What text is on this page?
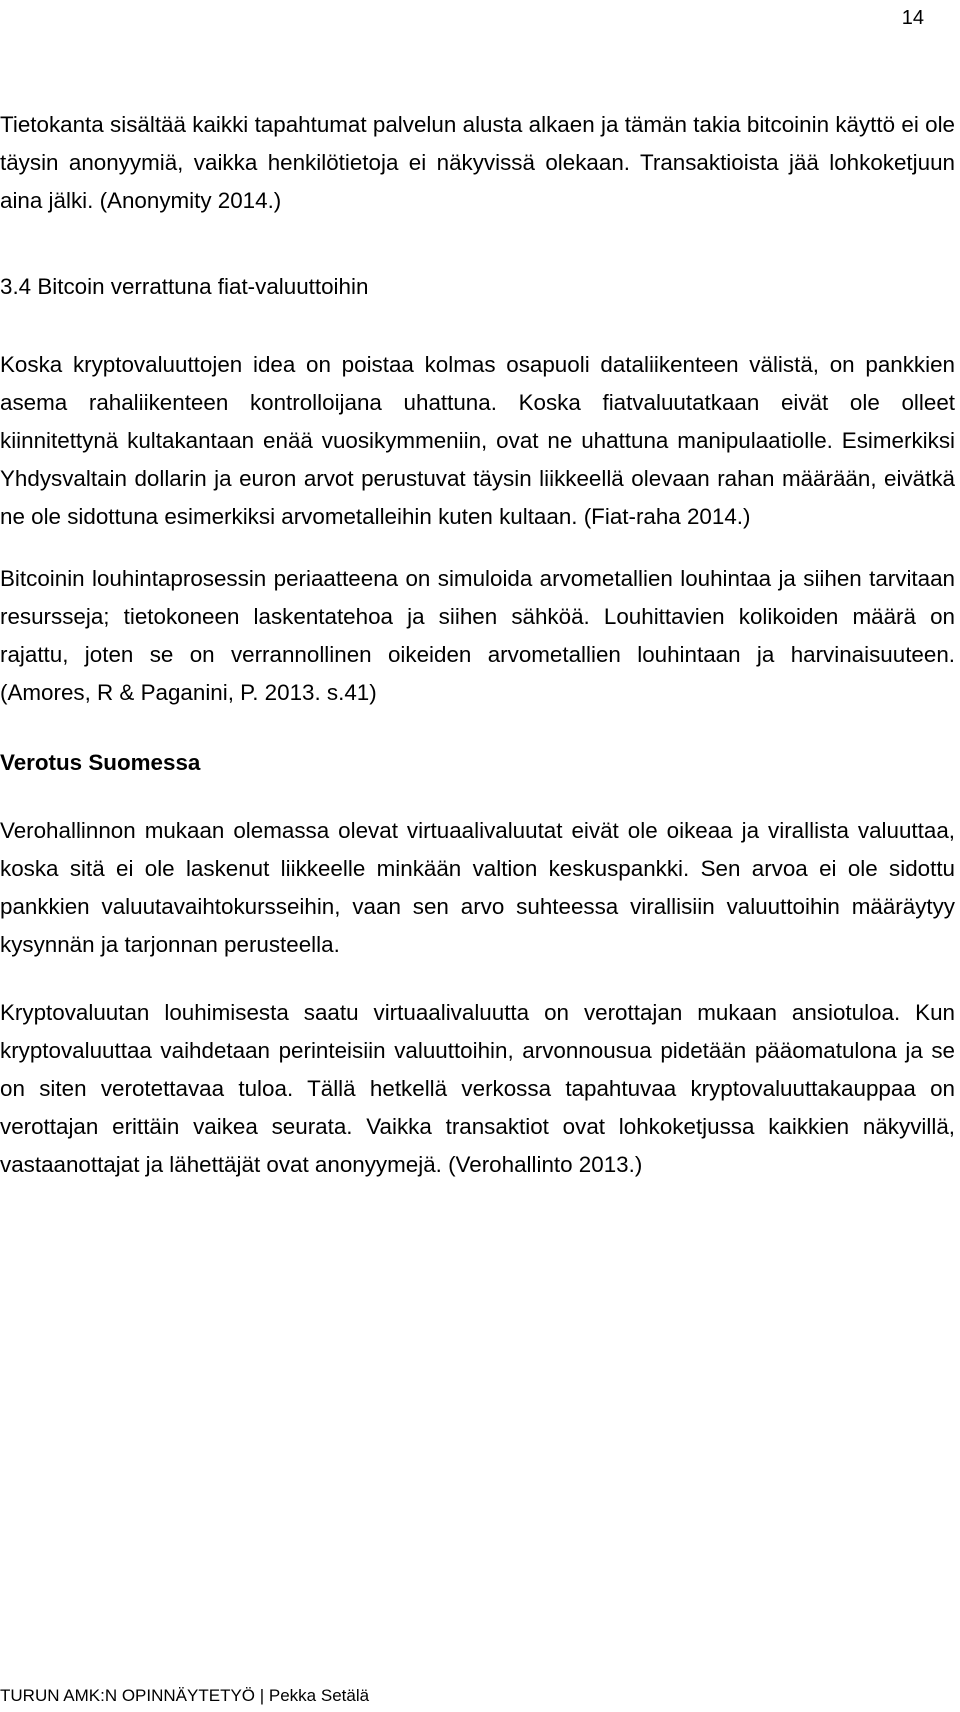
14

Tietokanta sisältää kaikki tapahtumat palvelun alusta alkaen ja tämän takia bitcoinin käyttö ei ole täysin anonyymiä, vaikka henkilötietoja ei näkyvissä olekaan. Transaktioista jää lohkoketjuun aina jälki. (Anonymity 2014.)

3.4 Bitcoin verrattuna fiat-valuuttoihin

Koska kryptovaluuttojen idea on poistaa kolmas osapuoli dataliikenteen välistä, on pankkien asema rahaliikenteen kontrolloijana uhattuna. Koska fiatvaluutatkaan eivät ole olleet kiinnitettynä kultakantaan enää vuosikymmeniin, ovat ne uhattuna manipulaatiolle. Esimerkiksi Yhdysvaltain dollarin ja euron arvot perustuvat täysin liikkeellä olevaan rahan määrään, eivätkä ne ole sidottuna esimerkiksi arvometalleihin kuten kultaan. (Fiat-raha 2014.)

Bitcoinin louhintaprosessin periaatteena on simuloida arvometallien louhintaa ja siihen tarvitaan resursseja; tietokoneen laskentatehoa ja siihen sähköä. Louhittavien kolikoiden määrä on rajattu, joten se on verrannollinen oikeiden arvometallien louhintaan ja harvinaisuuteen. (Amores, R & Paganini, P. 2013. s.41)

Verotus Suomessa

Verohallinnon mukaan olemassa olevat virtuaalivaluutat eivät ole oikeaa ja virallista valuuttaa, koska sitä ei ole laskenut liikkeelle minkään valtion keskuspankki. Sen arvoa ei ole sidottu pankkien valuutavaihtokursseihin, vaan sen arvo suhteessa virallisiin valuuttoihin määräytyy kysynnän ja tarjonnan perusteella.

Kryptovaluutan louhimisesta saatu virtuaalivaluutta on verottajan mukaan ansiotuloa. Kun kryptovaluuttaa vaihdetaan perinteisiin valuuttoihin, arvonnousua pidetään pääomatulona ja se on siten verotettavaa tuloa. Tällä hetkellä verkossa tapahtuvaa kryptovaluuttakauppaa on verottajan erittäin vaikea seurata. Vaikka transaktiot ovat lohkoketjussa kaikkien näkyvillä, vastaanottajat ja lähettäjät ovat anonyymejä. (Verohallinto 2013.)

TURUN AMK:N OPINNÄYTETYÖ | Pekka Setälä
